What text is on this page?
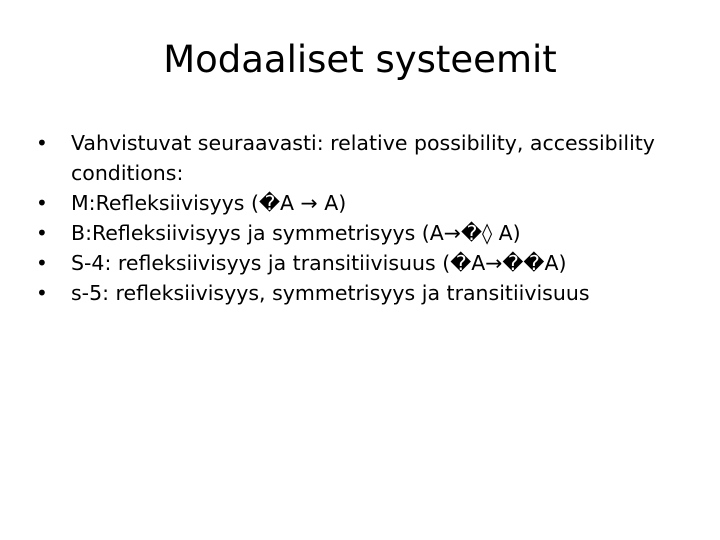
Modaaliset systeemit
• Vahvistuvat seuraavasti: relative possibility, accessibility conditions:
• M:Refleksiivisyys (�A → A)
• B:Refleksiivisyys ja symmetrisyys (A→�◊ A)
• S-4: refleksiivisyys ja transitiivisuus (�A→��A)
• s-5: refleksiivisyys, symmetrisyys ja transitiivisuus
